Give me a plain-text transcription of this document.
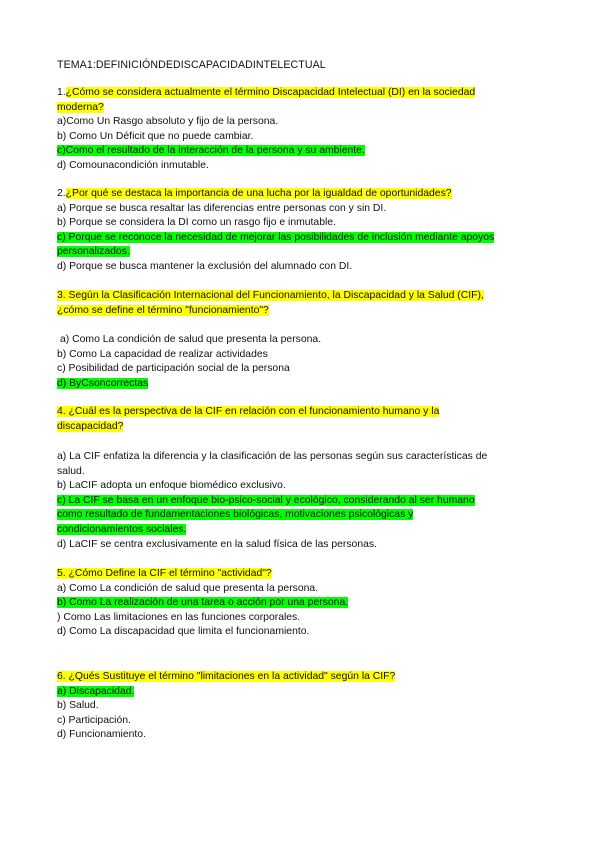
TEMA1:DEFINICIÓNDEDISCAPACIDADINTELECTUAL
1.¿Cómo se considera actualmente el término Discapacidad Intelectual (DI) en la sociedad
moderna?
a)Como Un Rasgo absoluto y fijo de la persona.
b) Como Un Déficit que no puede cambiar.
c)Como el resultado de la interacción de la persona y su ambiente.
d) Comounacondición inmutable.
2.¿Por qué se destaca la importancia de una lucha por la igualdad de oportunidades?
a) Porque se busca resaltar las diferencias entre personas con y sin DI.
b) Porque se considera la DI como un rasgo fijo e inmutable.
c) Porque se reconoce la necesidad de mejorar las posibilidades de inclusión mediante apoyos
personalizados.
d) Porque se busca mantener la exclusión del alumnado con DI.
3. Según la Clasificación Internacional del Funcionamiento, la Discapacidad y la Salud (CIF),
¿cómo se define el término "funcionamiento"?
a) Como La condición de salud que presenta la persona.
b) Como La capacidad de realizar actividades
c) Posibilidad de participación social de la persona
d) ByCsoncorrectas
4. ¿Cuál es la perspectiva de la CIF en relación con el funcionamiento humano y la
discapacidad?
a) La CIF enfatiza la diferencia y la clasificación de las personas según sus características de
salud.
b) LaCIF adopta un enfoque biomédico exclusivo.
c) La CIF se basa en un enfoque bio-psico-social y ecológico, considerando al ser humano
como resultado de fundamentaciones biológicas, motivaciones psicológicas y
condicionamientos sociales.
d) LaCIF se centra exclusivamente en la salud física de las personas.
5. ¿Cómo Define la CIF el término "actividad"?
a) Como La condición de salud que presenta la persona.
b) Como La realización de una tarea o acción por una persona.
) Como Las limitaciones en las funciones corporales.
d) Como La discapacidad que limita el funcionamiento.
6. ¿Qués Sustituye el término "limitaciones en la actividad" según la CIF?
a) Discapacidad.
b) Salud.
c) Participación.
d) Funcionamiento.
